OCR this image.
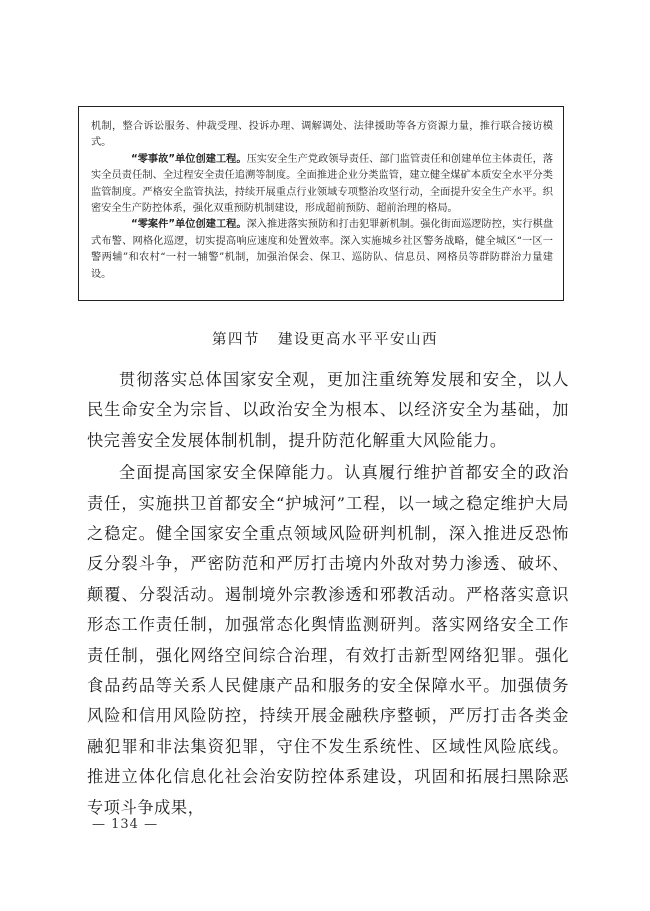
机制，整合诉讼服务、仲裁受理、投诉办理、调解调处、法律援助等各方资源力量，推行联合接访模式。

“零事故”单位创建工程。压实安全生产党政领导责任、部门监管责任和创建单位主体责任，落实全员责任制、全过程安全责任追溯等制度。全面推进企业分类监管，建立健全煤矿本质安全水平分类监管制度。严格安全监管执法，持续开展重点行业领域专项整治攻坚行动，全面提升安全生产水平。织密安全生产防控体系，强化双重预防机制建设，形成超前预防、超前治理的格局。

“零案件”单位创建工程。深入推进落实预防和打击犯罪新机制。强化街面巡逻防控，实行棋盘式布警、网格化巡逻，切实提高响应速度和处置效率。深入实施城乡社区警务战略，健全城区“一区一警两辅”和农村“一村一辅警”机制，加强治保会、保卫、巡防队、信息员、网格员等群防群治力量建设。

第四节 建设更高水平平安山西

贯彻落实总体国家安全观，更加注重统筹发展和安全，以人民生命安全为宗旨、以政治安全为根本、以经济安全为基础，加快完善安全发展体制机制，提升防范化解重大风险能力。

全面提高国家安全保障能力。认真履行维护首都安全的政治责任，实施拱卫首都安全“护城河”工程，以一域之稳定维护大局之稳定。健全国家安全重点领域风险研判机制，深入推进反恐怖反分裂斗争，严密防范和严厉打击境内外敌对势力渗透、破坏、颠覆、分裂活动。遏制境外宗教渗透和邪教活动。严格落实意识形态工作责任制，加强常态化舆情监测研判。落实网络安全工作责任制，强化网络空间综合治理，有效打击新型网络犯罪。强化食品药品等关系人民健康产品和服务的安全保障水平。加强债务风险和信用风险防控，持续开展金融秩序整顿，严厉打击各类金融犯罪和非法集资犯罪，守住不发生系统性、区域性风险底线。推进立体化信息化社会治安防控体系建设，巩固和拓展扫黑除恶专项斗争成果，

— 134 —
